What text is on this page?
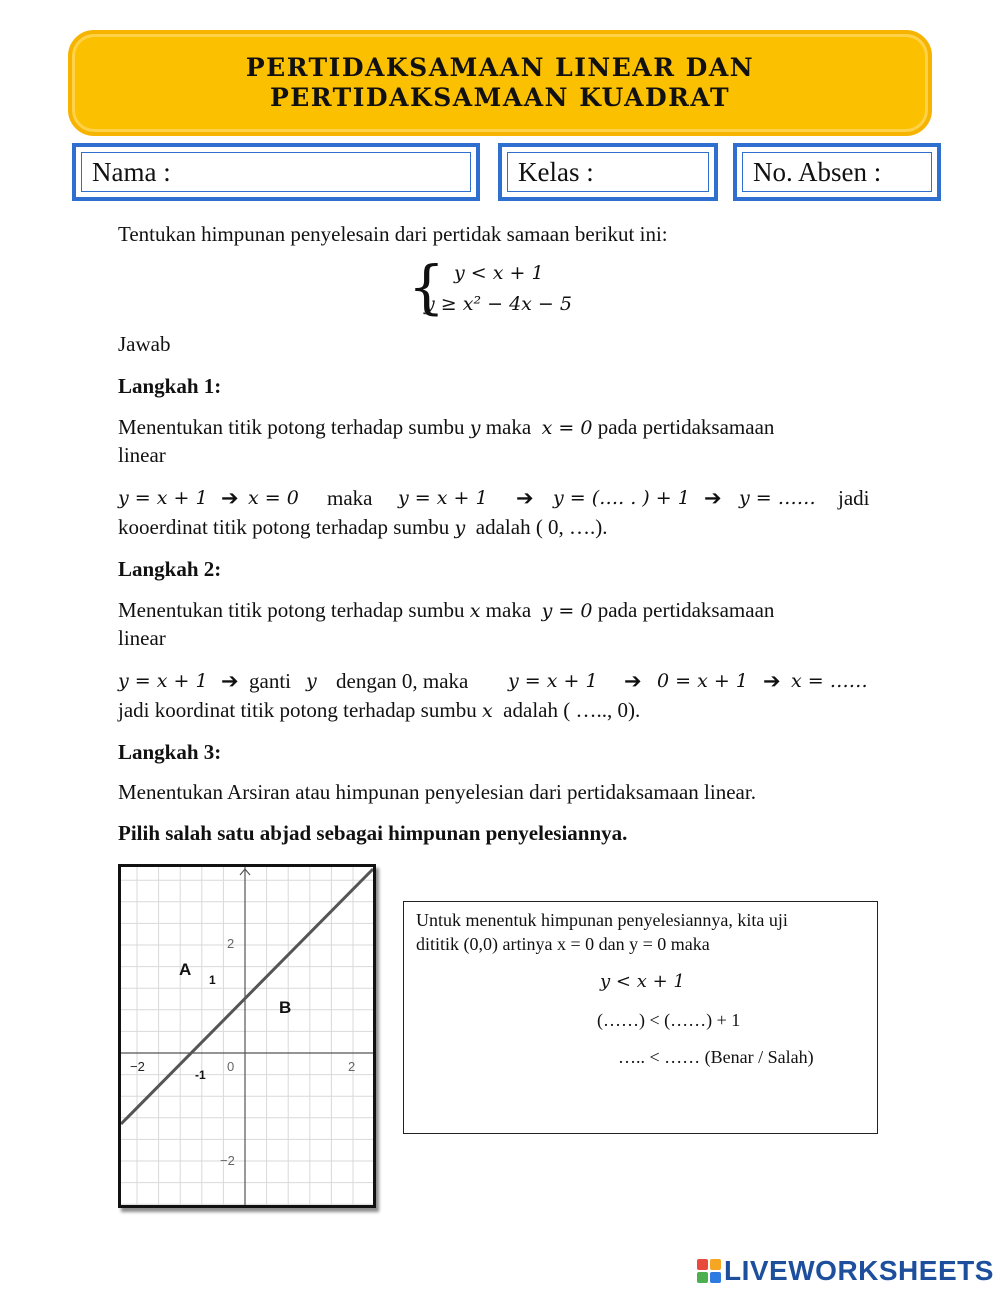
PERTIDAKSAMAAN LINEAR DAN
PERTIDAKSAMAAN KUADRAT
Nama :	Kelas :	No. Absen :
Tentukan himpunan penyelesain dari pertidak samaan berikut ini:
{ 𝑦 < 𝑥 + 1
𝑦 ≥ 𝑥² − 4𝑥 − 5
Jawab
Langkah 1:
Menentukan titik potong terhadap sumbu 𝑦 maka 𝑥 = 0 pada pertidaksamaan
linear
𝑦 = 𝑥 + 1 ➔ 𝑥 = 0 maka 𝑦 = 𝑥 + 1 ➔ 𝑦 = (…. . ) + 1 ➔ 𝑦 = …… jadi
kooerdinat titik potong terhadap sumbu 𝑦 adalah ( 0, ….).
Langkah 2:
Menentukan titik potong terhadap sumbu 𝑥 maka 𝑦 = 0 pada pertidaksamaan
linear
𝑦 = 𝑥 + 1 ➔ ganti 𝑦 dengan 0, maka 𝑦 = 𝑥 + 1 ➔ 0 = 𝑥 + 1 ➔ 𝑥 = ……
jadi koordinat titik potong terhadap sumbu 𝑥 adalah ( ….., 0).
Langkah 3:
Menentukan Arsiran atau himpunan penyelesian dari pertidaksamaan linear.
Pilih salah satu abjad sebagai himpunan penyelesiannya.
2
−2
−2	0	2
A
1
B
-1
Untuk menentuk himpunan penyelesiannya, kita uji
dititik (0,0) artinya x = 0 dan y = 0 maka
𝑦 < 𝑥 + 1
(……) < (……) + 1
….. < …… (Benar / Salah)
LIVEWORKSHEETS
